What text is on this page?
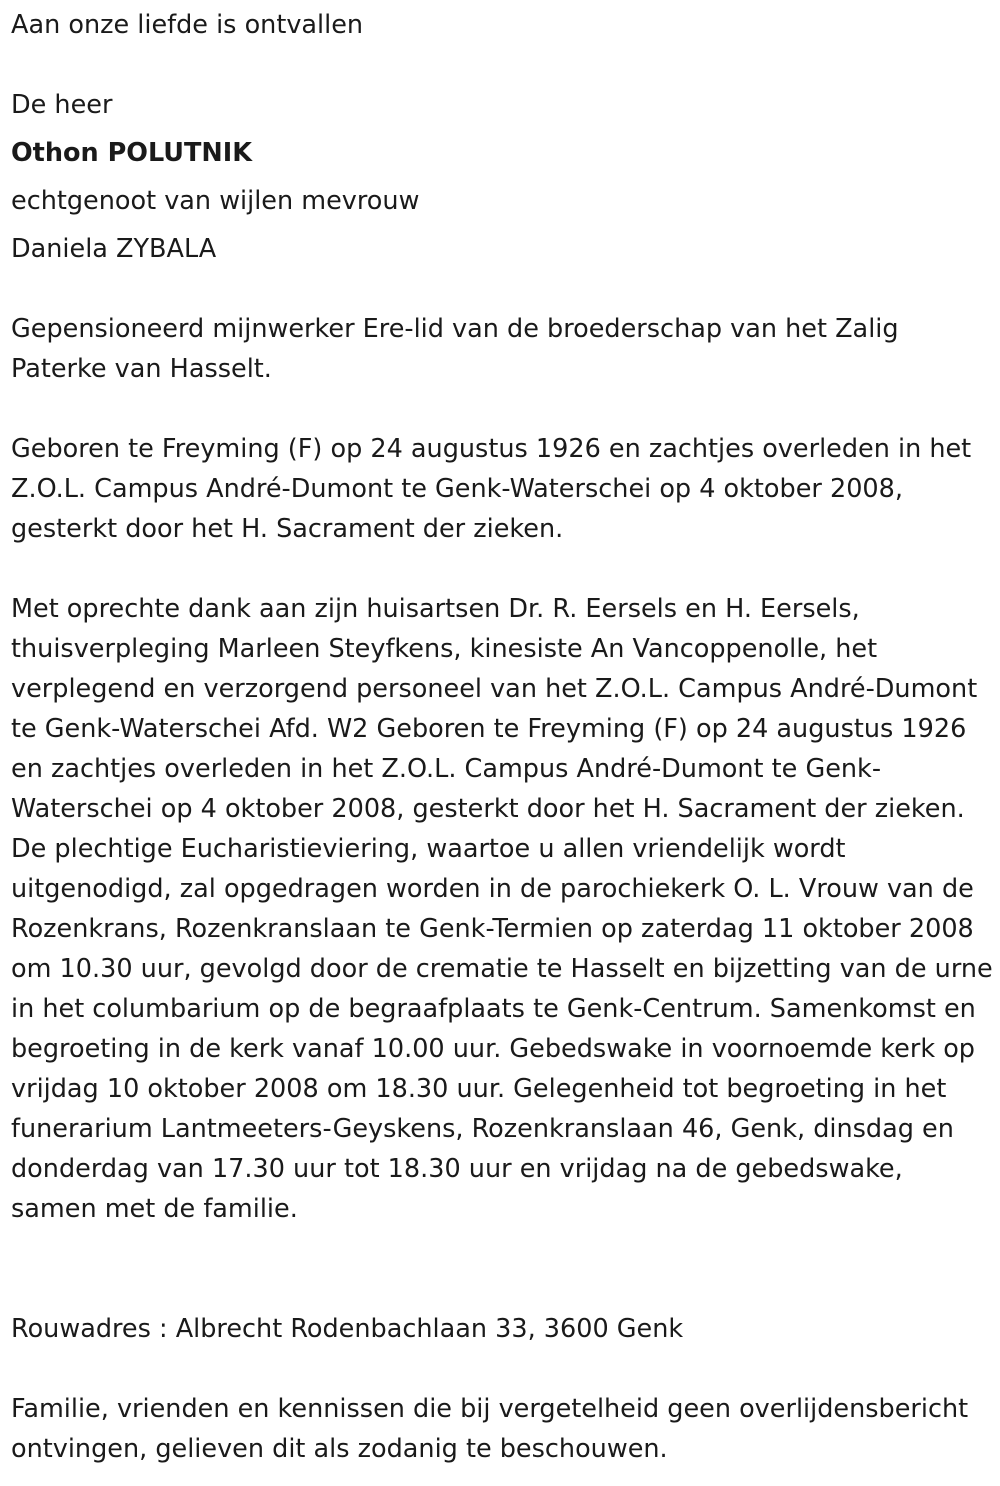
Aan onze liefde is ontvallen

De heer

Othon POLUTNIK

echtgenoot van wijlen mevrouw

Daniela ZYBALA

Gepensioneerd mijnwerker Ere-lid van de broederschap van het Zalig Paterke van Hasselt.

Geboren te Freyming (F) op 24 augustus 1926 en zachtjes overleden in het Z.O.L. Campus André-Dumont te Genk-Waterschei op 4 oktober 2008, gesterkt door het H. Sacrament der zieken.

Met oprechte dank aan zijn huisartsen Dr. R. Eersels en H. Eersels, thuisverpleging Marleen Steyfkens, kinesiste An Vancoppenolle, het verplegend en verzorgend personeel van het Z.O.L. Campus André-Dumont te Genk-Waterschei Afd. W2 Geboren te Freyming (F) op 24 augustus 1926 en zachtjes overleden in het Z.O.L. Campus André-Dumont te Genk-Waterschei op 4 oktober 2008, gesterkt door het H. Sacrament der zieken. De plechtige Eucharistieviering, waartoe u allen vriendelijk wordt uitgenodigd, zal opgedragen worden in de parochiekerk O. L. Vrouw van de Rozenkrans, Rozenkranslaan te Genk-Termien op zaterdag 11 oktober 2008 om 10.30 uur, gevolgd door de crematie te Hasselt en bijzetting van de urne in het columbarium op de begraafplaats te Genk-Centrum. Samenkomst en begroeting in de kerk vanaf 10.00 uur. Gebedswake in voornoemde kerk op vrijdag 10 oktober 2008 om 18.30 uur. Gelegenheid tot begroeting in het funerarium Lantmeeters-Geyskens, Rozenkranslaan 46, Genk, dinsdag en donderdag van 17.30 uur tot 18.30 uur en vrijdag na de gebedswake, samen met de familie.

Rouwadres : Albrecht Rodenbachlaan 33, 3600 Genk

Familie, vrienden en kennissen die bij vergetelheid geen overlijdensbericht ontvingen, gelieven dit als zodanig te beschouwen.
